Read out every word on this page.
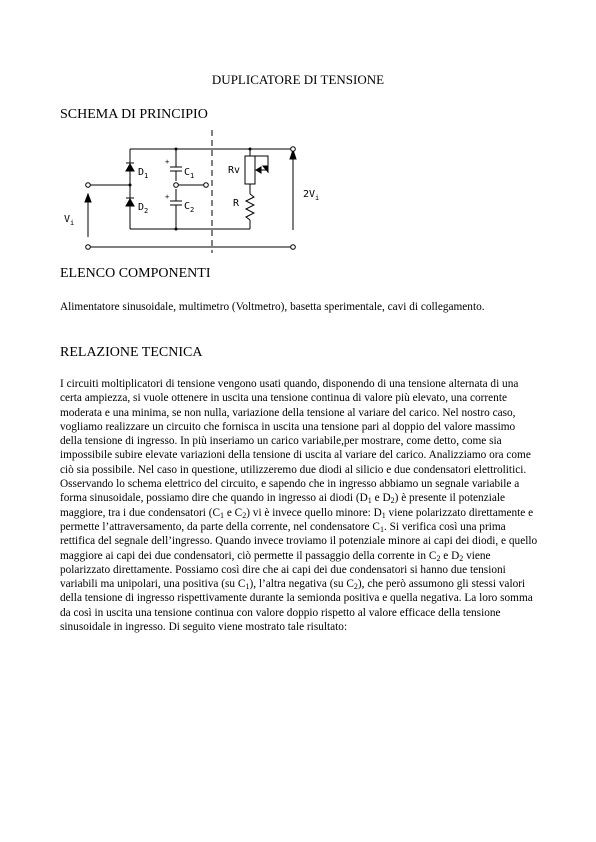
DUPLICATORE DI TENSIONE
SCHEMA DI PRINCIPIO
$D_1$
$D_2$
+
$C_1$
+
$C_2$
Rv
R
$V_i$
$2V_i$
ELENCO COMPONENTI
Alimentatore sinusoidale, multimetro (Voltmetro), basetta sperimentale, cavi di collegamento.
RELAZIONE TECNICA

I circuiti moltiplicatori di tensione vengono usati quando, disponendo di una tensione alternata di una certa ampiezza, si vuole ottenere in uscita una tensione continua di valore più elevato, una corrente moderata e una minima, se non nulla, variazione della tensione al variare del carico. Nel nostro caso, vogliamo realizzare un circuito che fornisca in uscita una tensione pari al doppio del valore massimo della tensione di ingresso. In più inseriamo un carico variabile,per mostrare, come detto, come sia impossibile subire elevate variazioni della tensione di uscita al variare del carico. Analizziamo ora come ciò sia possibile. Nel caso in questione, utilizzeremo due diodi al silicio e due condensatori elettrolitici. Osservando lo schema elettrico del circuito, e sapendo che in ingresso abbiamo un segnale variabile a forma sinusoidale, possiamo dire che quando in ingresso ai diodi ($D_1$ e $D_2$) è presente il potenziale maggiore, tra i due condensatori ($C_1$ e $C_2$) vi è invece quello minore: $D_1$ viene polarizzato direttamente e permette l’attraversamento, da parte della corrente, nel condensatore $C_1$. Si verifica così una prima rettifica del segnale dell’ingresso. Quando invece troviamo il potenziale minore ai capi dei diodi, e quello maggiore ai capi dei due condensatori, ciò permette il passaggio della corrente in $C_2$ e $D_2$ viene polarizzato direttamente. Possiamo così dire che ai capi dei due condensatori si hanno due tensioni variabili ma unipolari, una positiva (su $C_1$), l’altra negativa (su $C_2$), che però assumono gli stessi valori della tensione di ingresso rispettivamente durante la semionda positiva e quella negativa. La loro somma da così in uscita una tensione continua con valore doppio rispetto al valore efficace della tensione sinusoidale in ingresso. Di seguito viene mostrato tale risultato:
